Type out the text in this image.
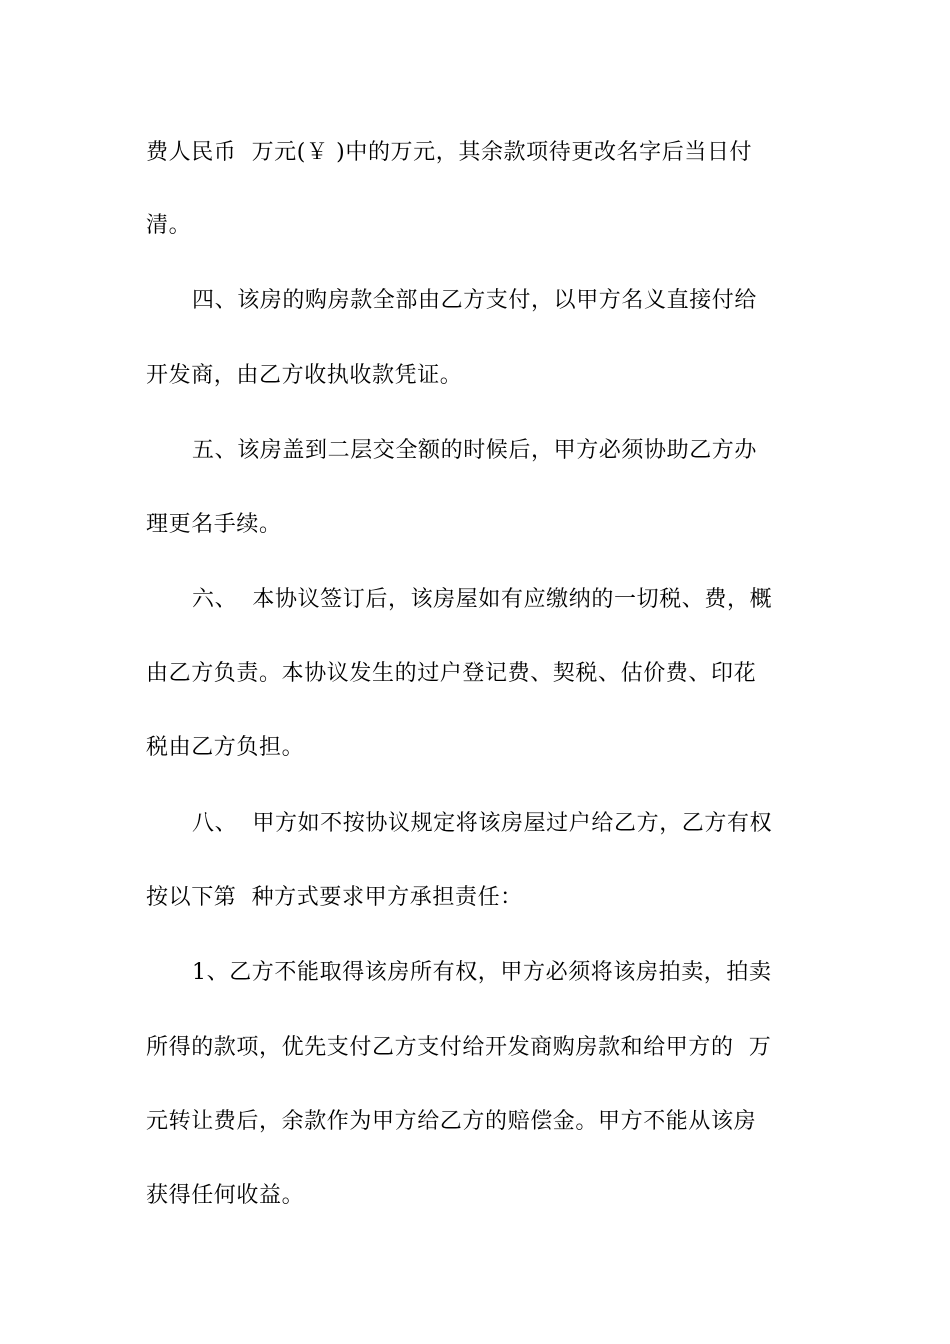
费人民币  万元(￥ )中的万元，其余款项待更改名字后当日付
清。
四、该房的购房款全部由乙方支付，以甲方名义直接付给
开发商，由乙方收执收款凭证。
五、该房盖到二层交全额的时候后，甲方必须协助乙方办
理更名手续。
六、  本协议签订后，该房屋如有应缴纳的一切税、费，概
由乙方负责。本协议发生的过户登记费、契税、估价费、印花
税由乙方负担。
八、  甲方如不按协议规定将该房屋过户给乙方，乙方有权
按以下第  种方式要求甲方承担责任：
1、乙方不能取得该房所有权，甲方必须将该房拍卖，拍卖
所得的款项，优先支付乙方支付给开发商购房款和给甲方的  万
元转让费后，余款作为甲方给乙方的赔偿金。甲方不能从该房
获得任何收益。
